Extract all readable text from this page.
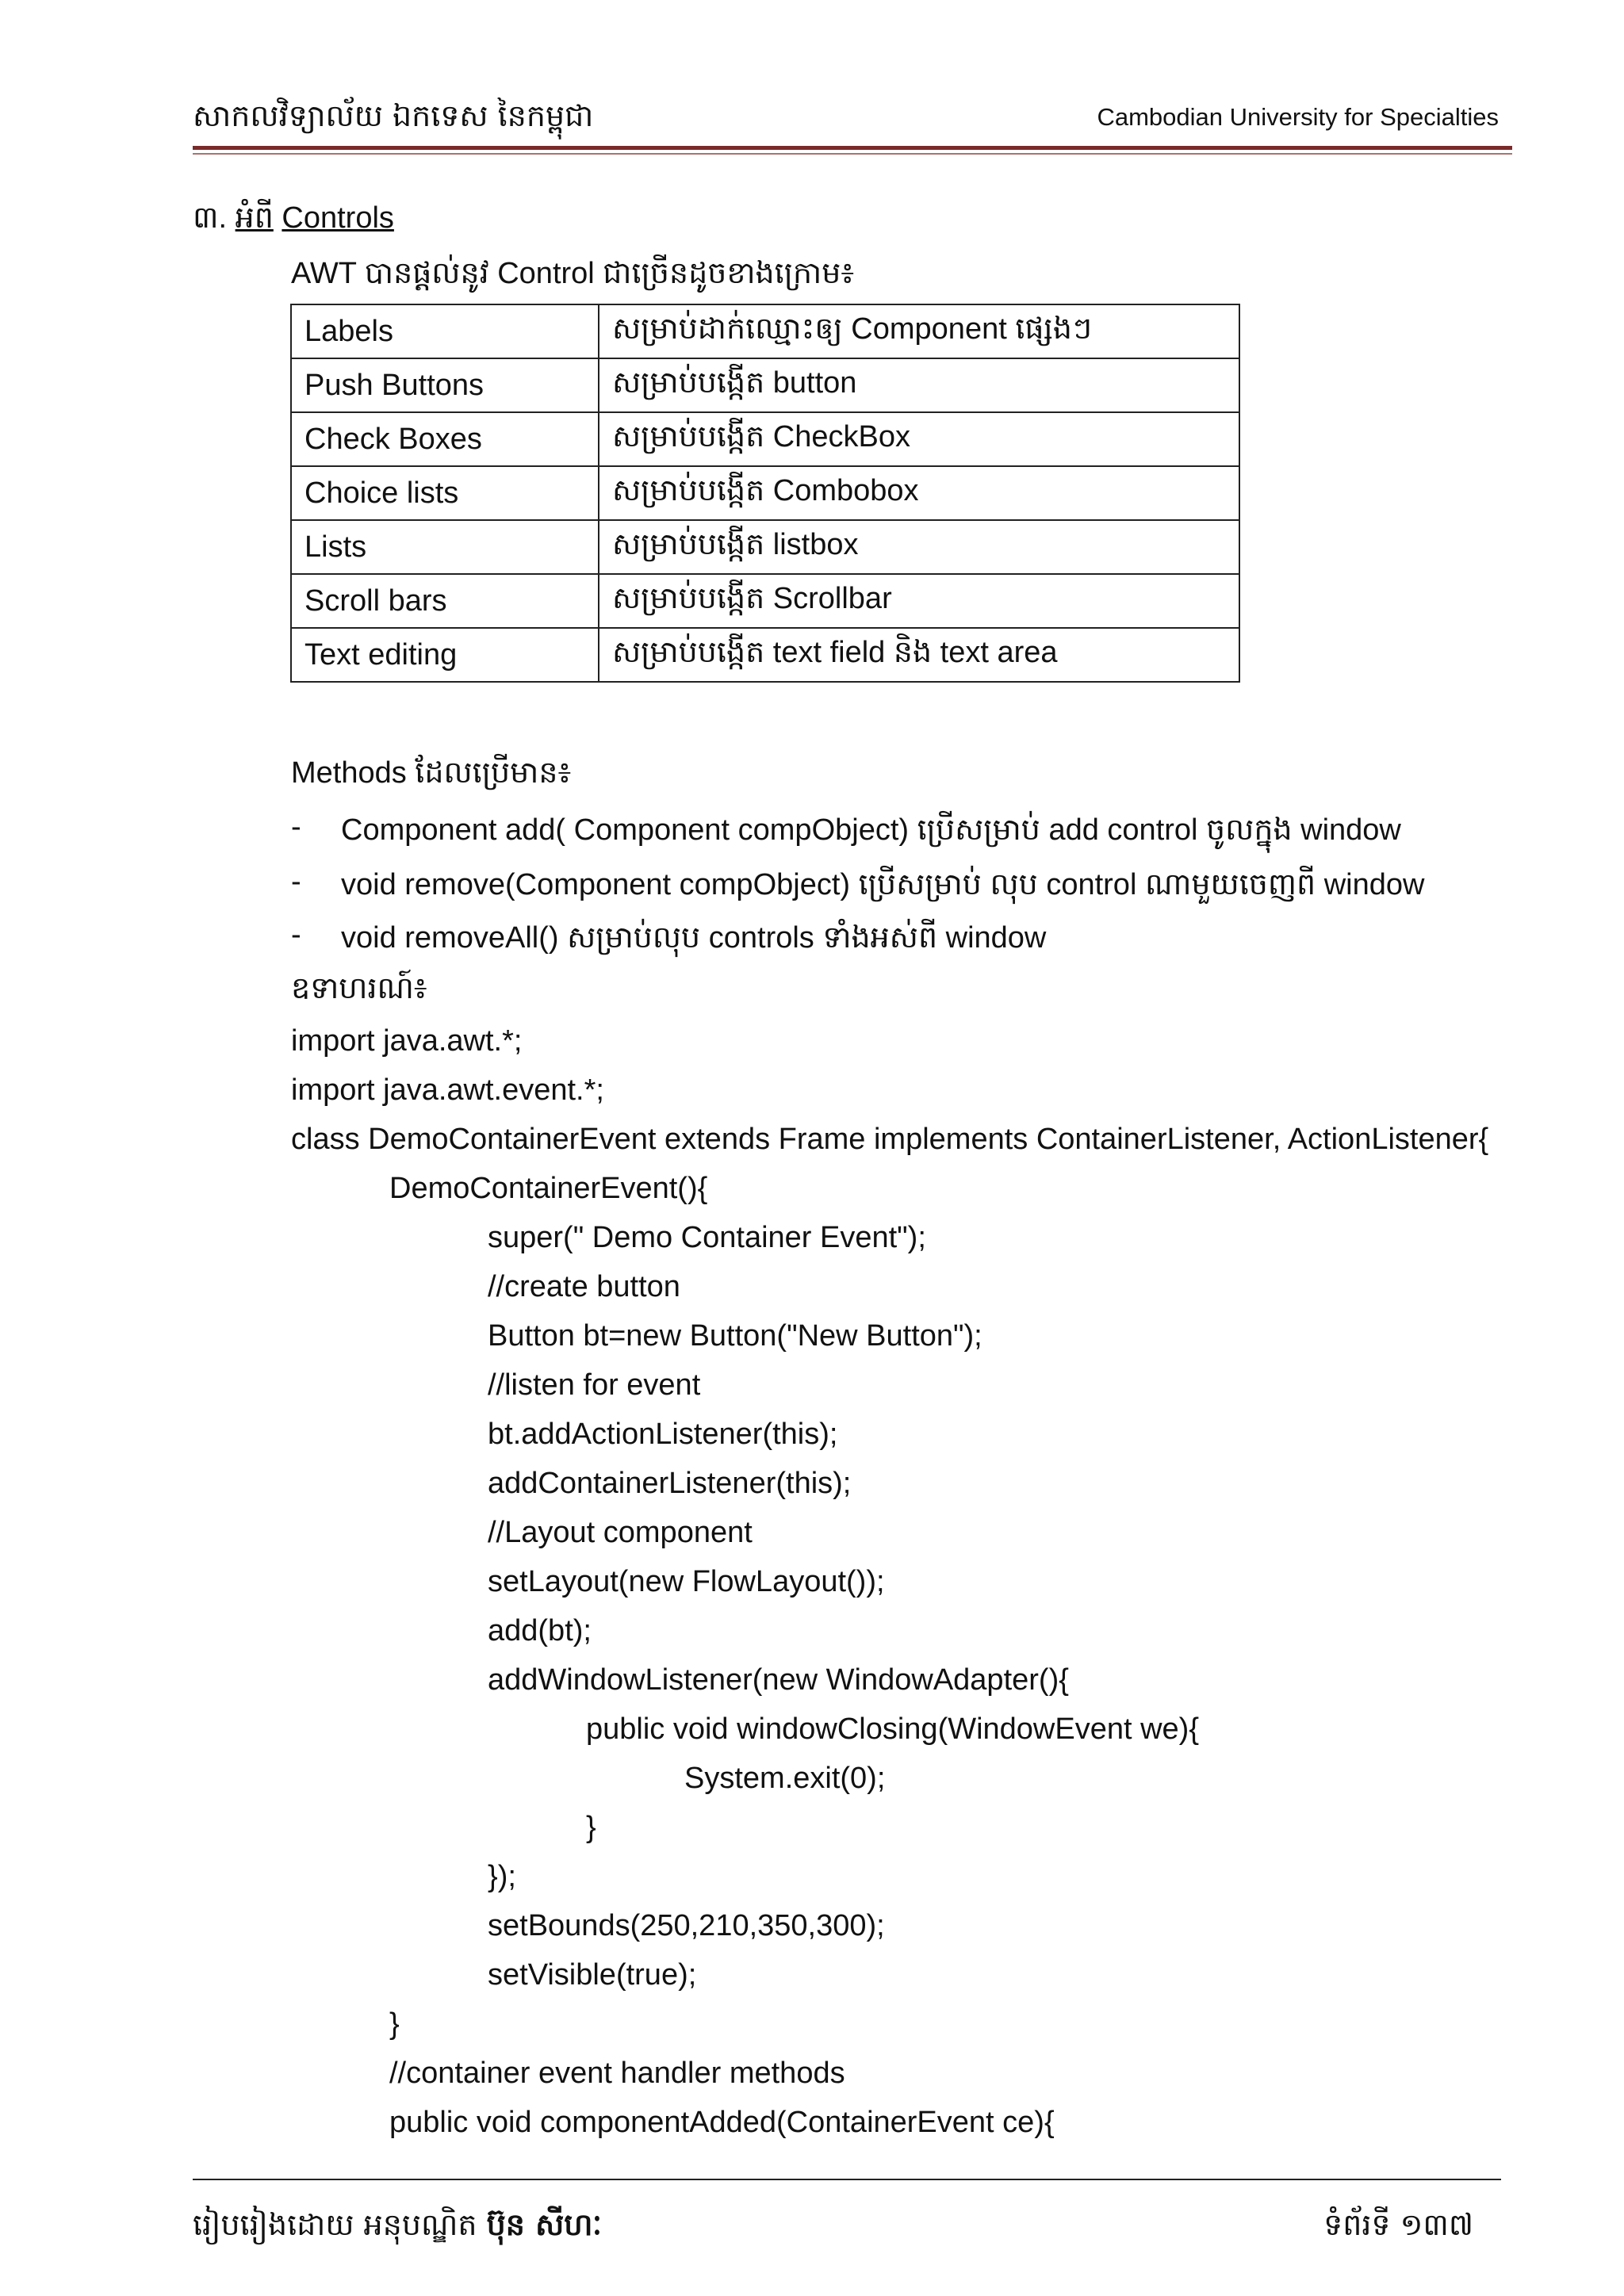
សាកលវិទ្យាល័យ ឯកទេស នៃកម្ពុជា	Cambodian University for Specialties
៣. អំពី Controls
AWT បានផ្តល់នូវ Control ជាច្រើនដូចខាងក្រោម៖
Labels	សម្រាប់ដាក់ឈ្មោះឲ្យ Component ផ្សេងៗ
Push Buttons	សម្រាប់បង្កើត button
Check Boxes	សម្រាប់បង្កើត CheckBox
Choice lists	សម្រាប់បង្កើត Combobox
Lists	សម្រាប់បង្កើត listbox
Scroll bars	សម្រាប់បង្កើត Scrollbar
Text editing	សម្រាប់បង្កើត text field និង text area
Methods ដែលប្រើមាន៖
- Component add( Component compObject) ប្រើសម្រាប់ add control ចូលក្នុង window
- void remove(Component compObject) ប្រើសម្រាប់ លុប control ណាមួយចេញពី window
- void removeAll() សម្រាប់លុប controls ទាំងអស់ពី window
ឧទាហរណ៍៖
import java.awt.*;
import java.awt.event.*;
class DemoContainerEvent extends Frame implements ContainerListener, ActionListener{
DemoContainerEvent(){
super(" Demo Container Event");
//create button
Button bt=new Button("New Button");
//listen for event
bt.addActionListener(this);
addContainerListener(this);
//Layout component
setLayout(new FlowLayout());
add(bt);
addWindowListener(new WindowAdapter(){
public void windowClosing(WindowEvent we){
System.exit(0);
}
});
setBounds(250,210,350,300);
setVisible(true);
}
//container event handler methods
public void componentAdded(ContainerEvent ce){
រៀបរៀងដោយ អនុបណ្ឌិត ប៊ុន សីហៈ	ទំព័រទី ១៣៧
